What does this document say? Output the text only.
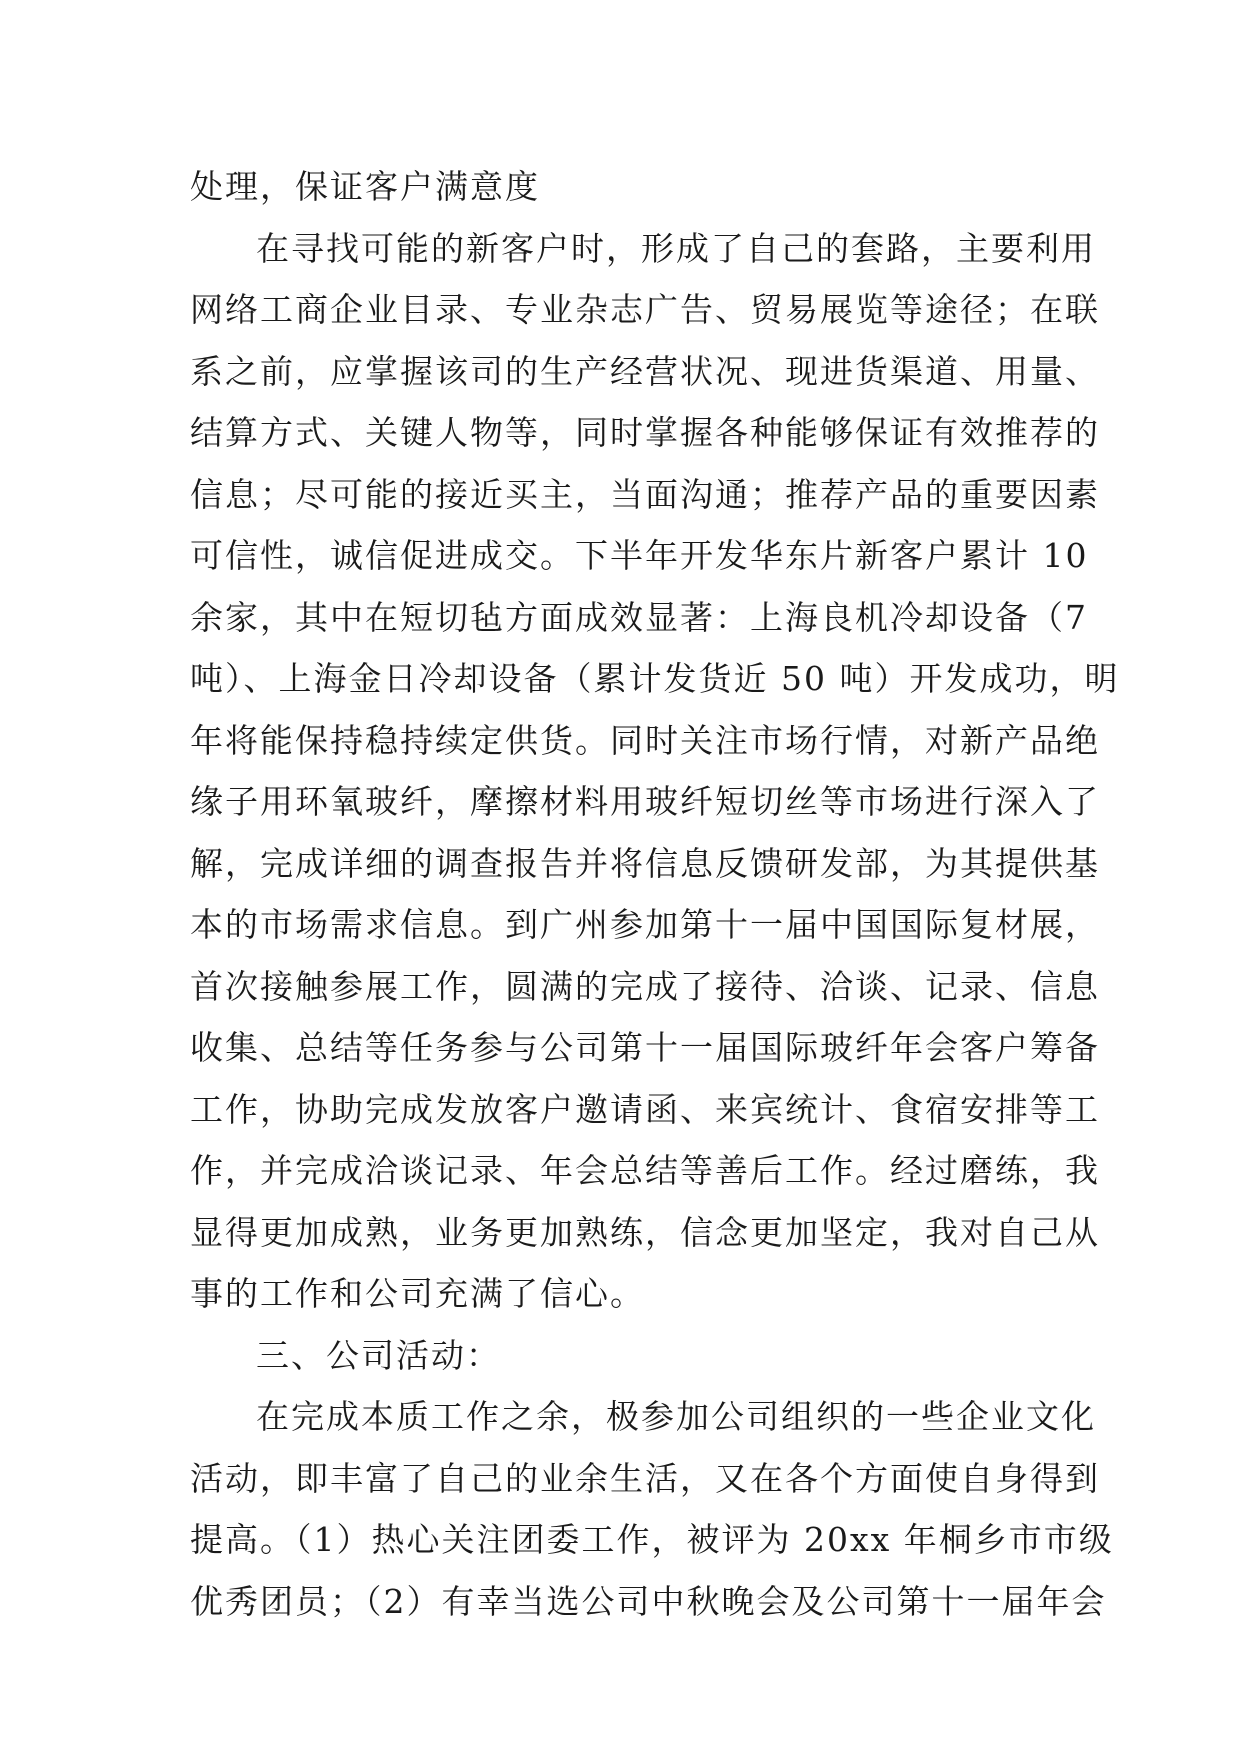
处理，保证客户满意度
在寻找可能的新客户时，形成了自己的套路，主要利用
网络工商企业目录、专业杂志广告、贸易展览等途径；在联
系之前，应掌握该司的生产经营状况、现进货渠道、用量、
结算方式、关键人物等，同时掌握各种能够保证有效推荐的
信息；尽可能的接近买主，当面沟通；推荐产品的重要因素
可信性，诚信促进成交。下半年开发华东片新客户累计 10
余家，其中在短切毡方面成效显著：上海良机冷却设备（7
吨）、上海金日冷却设备（累计发货近 50 吨）开发成功，明
年将能保持稳持续定供货。同时关注市场行情，对新产品绝
缘子用环氧玻纤，摩擦材料用玻纤短切丝等市场进行深入了
解，完成详细的调查报告并将信息反馈研发部，为其提供基
本的市场需求信息。到广州参加第十一届中国国际复材展，
首次接触参展工作，圆满的完成了接待、洽谈、记录、信息
收集、总结等任务参与公司第十一届国际玻纤年会客户筹备
工作，协助完成发放客户邀请函、来宾统计、食宿安排等工
作，并完成洽谈记录、年会总结等善后工作。经过磨练，我
显得更加成熟，业务更加熟练，信念更加坚定，我对自己从
事的工作和公司充满了信心。
三、公司活动：
在完成本质工作之余，极参加公司组织的一些企业文化
活动，即丰富了自己的业余生活，又在各个方面使自身得到
提高。（1）热心关注团委工作，被评为 20xx 年桐乡市市级
优秀团员；（2）有幸当选公司中秋晚会及公司第十一届年会
